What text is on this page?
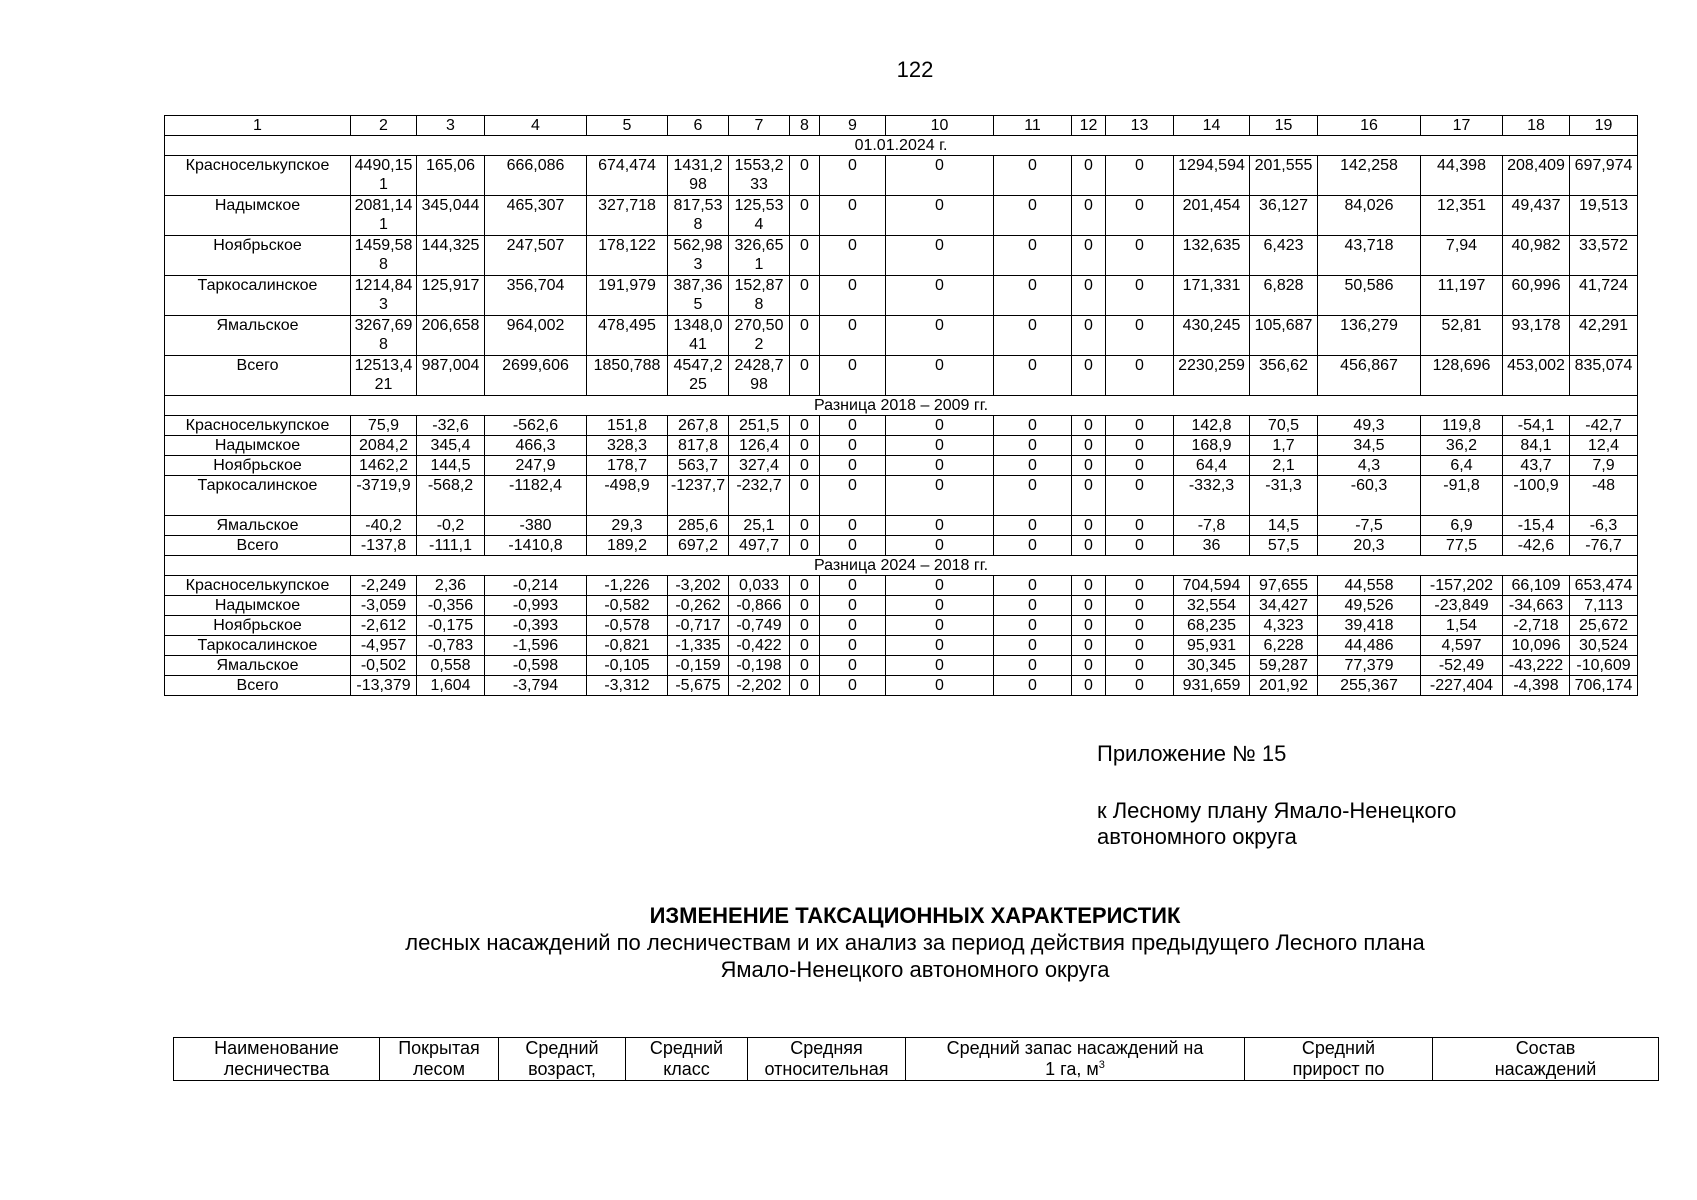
122
1	2	3	4	5	6	7	8	9	10	11	12	13	14	15	16	17	18	19
01.01.2024 г.																		
Красноселькупское	4490,151	165,06	666,086	674,474	1431,298	1553,233	0	0	0	0	0	0	1294,594	201,555	142,258	44,398	208,409	697,974
Надымское	2081,141	345,044	465,307	327,718	817,538	125,534	0	0	0	0	0	0	201,454	36,127	84,026	12,351	49,437	19,513
Ноябрьское	1459,588	144,325	247,507	178,122	562,983	326,651	0	0	0	0	0	0	132,635	6,423	43,718	7,94	40,982	33,572
Таркосалинское	1214,843	125,917	356,704	191,979	387,365	152,878	0	0	0	0	0	0	171,331	6,828	50,586	11,197	60,996	41,724
Ямальское	3267,698	206,658	964,002	478,495	1348,041	270,502	0	0	0	0	0	0	430,245	105,687	136,279	52,81	93,178	42,291
Всего	12513,421	987,004	2699,606	1850,788	4547,225	2428,798	0	0	0	0	0	0	2230,259	356,62	456,867	128,696	453,002	835,074
Разница 2018 – 2009 гг.																		
Красноселькупское	75,9	-32,6	-562,6	151,8	267,8	251,5	0	0	0	0	0	0	142,8	70,5	49,3	119,8	-54,1	-42,7
Надымское	2084,2	345,4	466,3	328,3	817,8	126,4	0	0	0	0	0	0	168,9	1,7	34,5	36,2	84,1	12,4
Ноябрьское	1462,2	144,5	247,9	178,7	563,7	327,4	0	0	0	0	0	0	64,4	2,1	4,3	6,4	43,7	7,9
Таркосалинское	-3719,9	-568,2	-1182,4	-498,9	-1237,7	-232,7	0	0	0	0	0	0	-332,3	-31,3	-60,3	-91,8	-100,9	-48
Ямальское	-40,2	-0,2	-380	29,3	285,6	25,1	0	0	0	0	0	0	-7,8	14,5	-7,5	6,9	-15,4	-6,3
Всего	-137,8	-111,1	-1410,8	189,2	697,2	497,7	0	0	0	0	0	0	36	57,5	20,3	77,5	-42,6	-76,7
Разница 2024 – 2018 гг.																		
Красноселькупское	-2,249	2,36	-0,214	-1,226	-3,202	0,033	0	0	0	0	0	0	704,594	97,655	44,558	-157,202	66,109	653,474
Надымское	-3,059	-0,356	-0,993	-0,582	-0,262	-0,866	0	0	0	0	0	0	32,554	34,427	49,526	-23,849	-34,663	7,113
Ноябрьское	-2,612	-0,175	-0,393	-0,578	-0,717	-0,749	0	0	0	0	0	0	68,235	4,323	39,418	1,54	-2,718	25,672
Таркосалинское	-4,957	-0,783	-1,596	-0,821	-1,335	-0,422	0	0	0	0	0	0	95,931	6,228	44,486	4,597	10,096	30,524
Ямальское	-0,502	0,558	-0,598	-0,105	-0,159	-0,198	0	0	0	0	0	0	30,345	59,287	77,379	-52,49	-43,222	-10,609
Всего	-13,379	1,604	-3,794	-3,312	-5,675	-2,202	0	0	0	0	0	0	931,659	201,92	255,367	-227,404	-4,398	706,174
Приложение № 15
к Лесному плану Ямало-Ненецкого
автономного округа
ИЗМЕНЕНИЕ ТАКСАЦИОННЫХ ХАРАКТЕРИСТИК
лесных насаждений по лесничествам и их анализ за период действия предыдущего Лесного плана
Ямало-Ненецкого автономного округа
Наименование
лесничества

Покрытая
лесом

Средний
возраст,

Средний
класс

Средняя
относительная

Средний запас насаждений на
1 га, $м^3$

Средний
прирост по

Состав
насаждений
